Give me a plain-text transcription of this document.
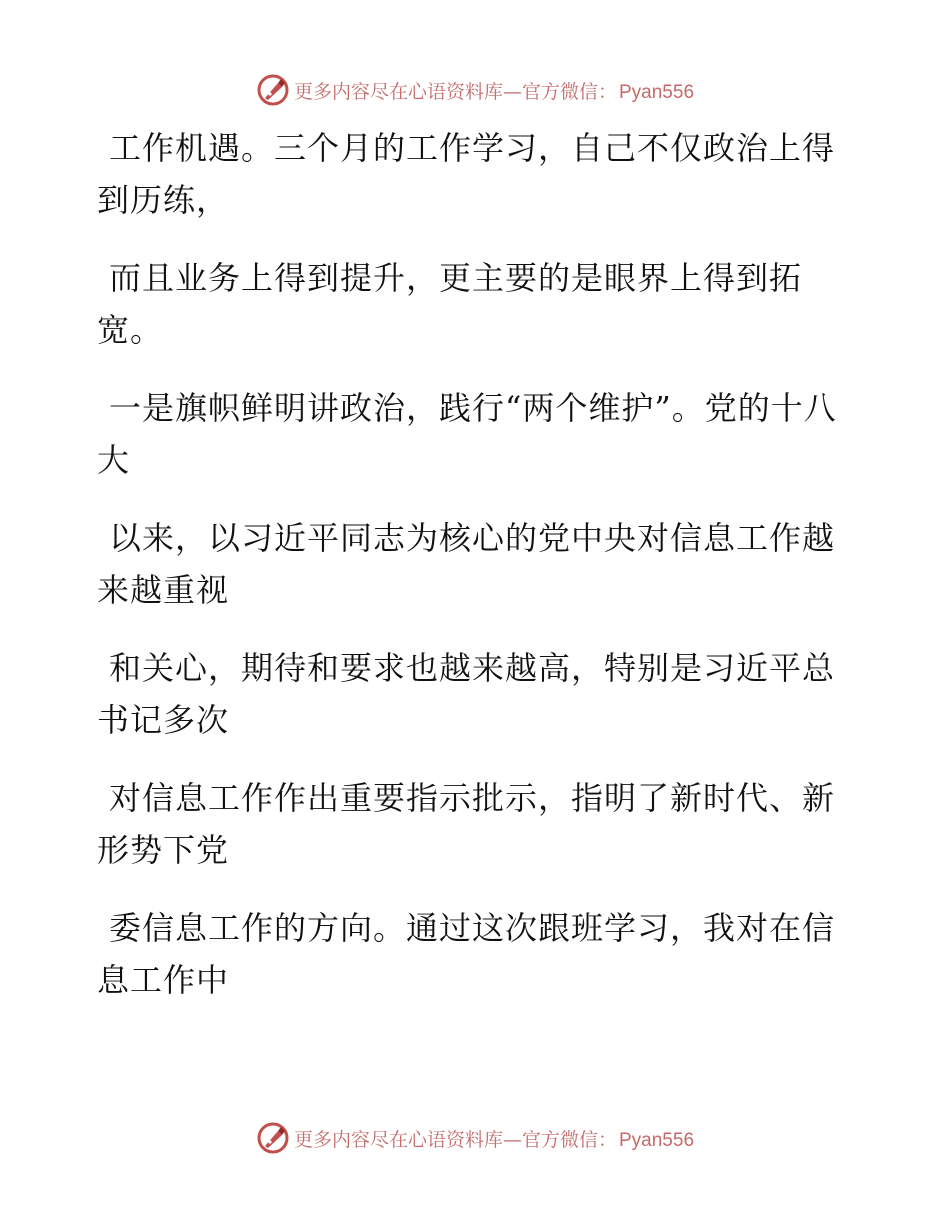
更多内容尽在心语资料库—官方微信： Pyan556

工作机遇。三个月的工作学习，自己不仅政治上得到历练，

而且业务上得到提升，更主要的是眼界上得到拓宽。

一是旗帜鲜明讲政治，践行“两个维护”。党的十八大

以来，以习近平同志为核心的党中央对信息工作越来越重视

和关心，期待和要求也越来越高，特别是习近平总书记多次

对信息工作作出重要指示批示，指明了新时代、新形势下党

委信息工作的方向。通过这次跟班学习，我对在信息工作中

更多内容尽在心语资料库—官方微信： Pyan556
